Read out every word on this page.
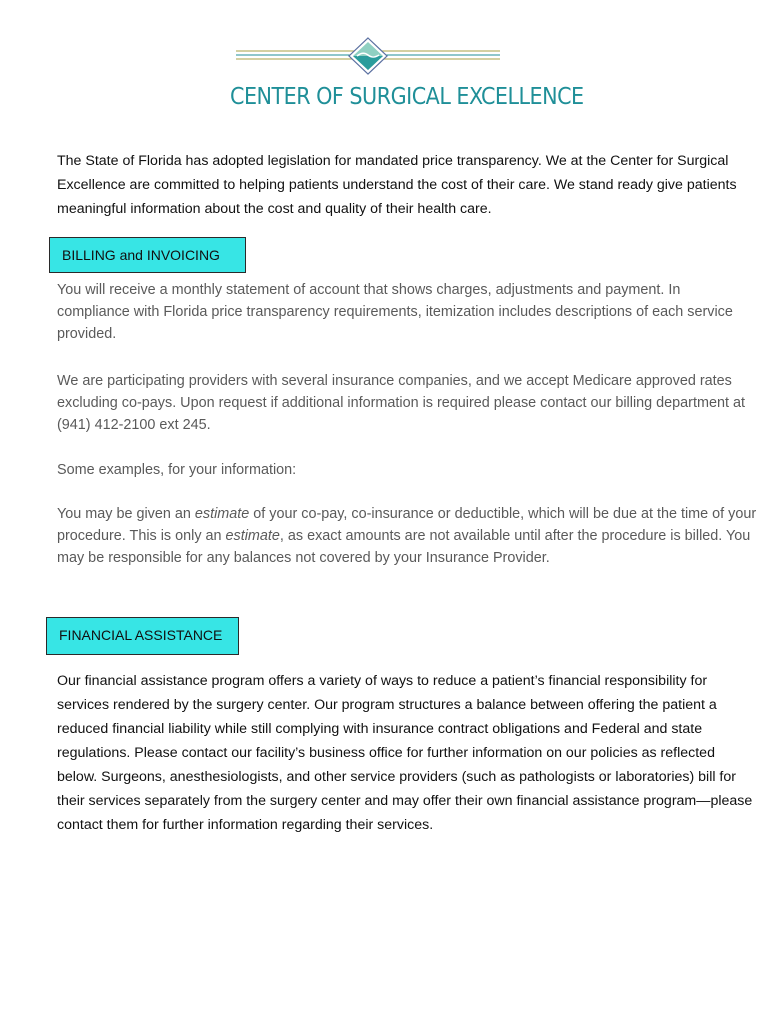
CENTER OF SURGICAL EXCELLENCE

The State of Florida has adopted legislation for mandated price transparency. We at the Center for Surgical Excellence are committed to helping patients understand the cost of their care. We stand ready give patients meaningful information about the cost and quality of their health care.

BILLING and INVOICING

You will receive a monthly statement of account that shows charges, adjustments and payment. In compliance with Florida price transparency requirements, itemization includes descriptions of each service provided.

We are participating providers with several insurance companies, and we accept Medicare approved rates excluding co-pays. Upon request if additional information is required please contact our billing department at (941) 412-2100 ext 245.

Some examples, for your information:

You may be given an estimate of your co-pay, co-insurance or deductible, which will be due at the time of your procedure. This is only an estimate, as exact amounts are not available until after the procedure is billed. You may be responsible for any balances not covered by your Insurance Provider.

FINANCIAL ASSISTANCE

Our financial assistance program offers a variety of ways to reduce a patient’s financial responsibility for services rendered by the surgery center. Our program structures a balance between offering the patient a reduced financial liability while still complying with insurance contract obligations and Federal and state regulations. Please contact our facility’s business office for further information on our policies as reflected below. Surgeons, anesthesiologists, and other service providers (such as pathologists or laboratories) bill for their services separately from the surgery center and may offer their own financial assistance program—please contact them for further information regarding their services.
